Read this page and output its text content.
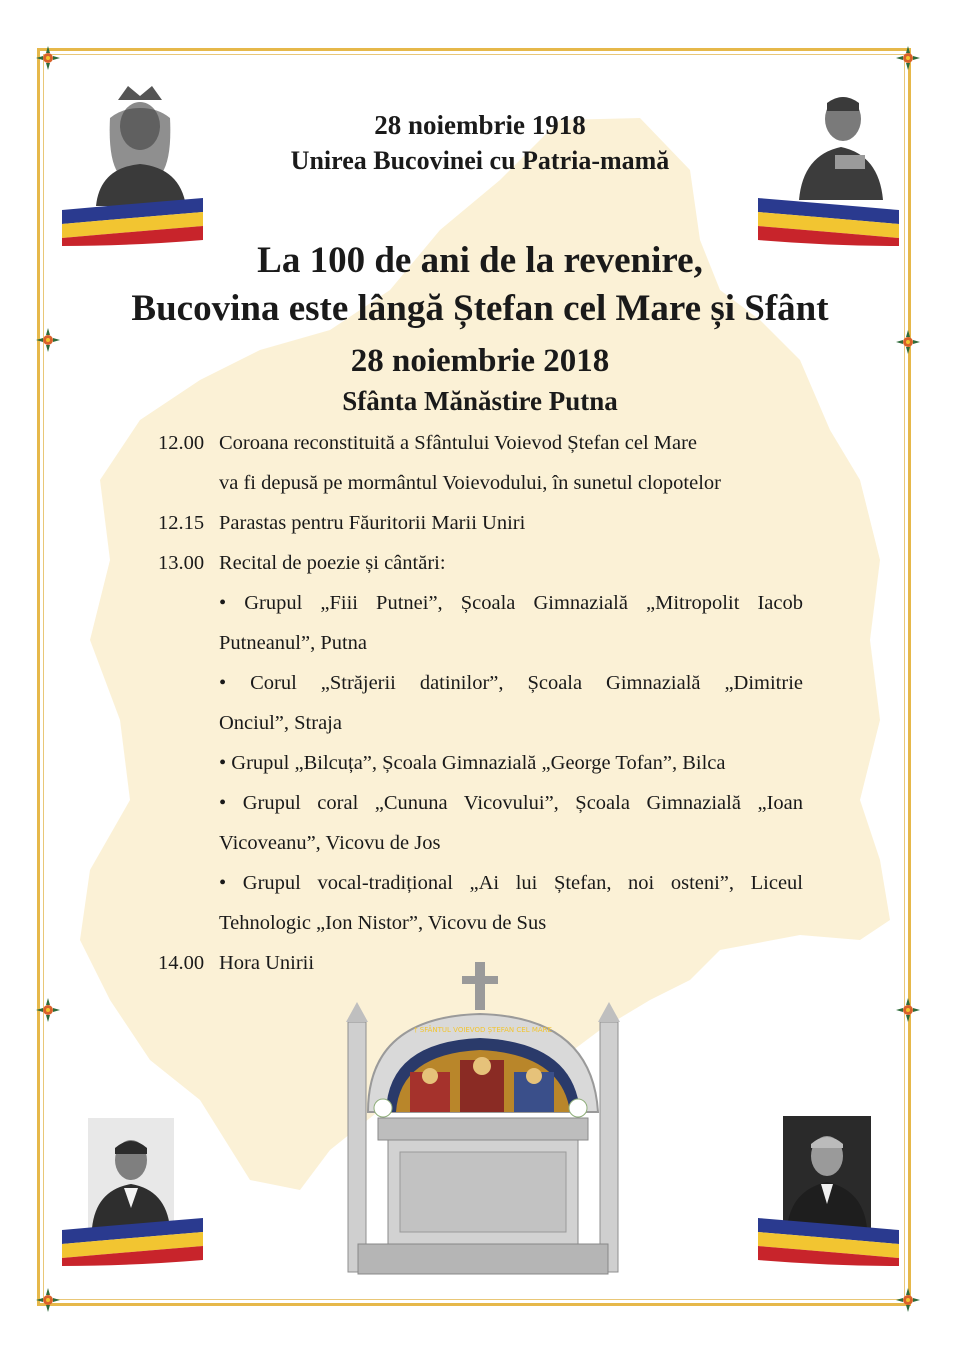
28 noiembrie 1918
Unirea Bucovinei cu Patria-mamă
La 100 de ani de la revenire,
Bucovina este lângă Ștefan cel Mare și Sfânt
28 noiembrie 2018
Sfânta Mănăstire Putna
12.00 Coroana reconstituită a Sfântului Voievod Ștefan cel Mare
va fi depusă pe mormântul Voievodului, în sunetul clopotelor
12.15 Parastas pentru Făuritorii Marii Uniri
13.00 Recital de poezie și cântări:
• Grupul „Fiii Putnei”, Școala Gimnazială „Mitropolit Iacob
Putneanul”, Putna
• Corul „Străjerii datinilor”, Școala Gimnazială „Dimitrie
Onciul”, Straja
• Grupul „Bilcuța”, Școala Gimnazială „George Tofan”, Bilca
• Grupul coral „Cununa Vicovului”, Școala Gimnazială „Ioan
Vicoveanu”, Vicovu de Jos
• Grupul vocal-tradițional „Ai lui Ștefan, noi osteni”, Liceul
Tehnologic „Ion Nistor”, Vicovu de Sus
14.00 Hora Unirii
† SFÂNTUL VOIEVOD ȘTEFAN CEL MARE
